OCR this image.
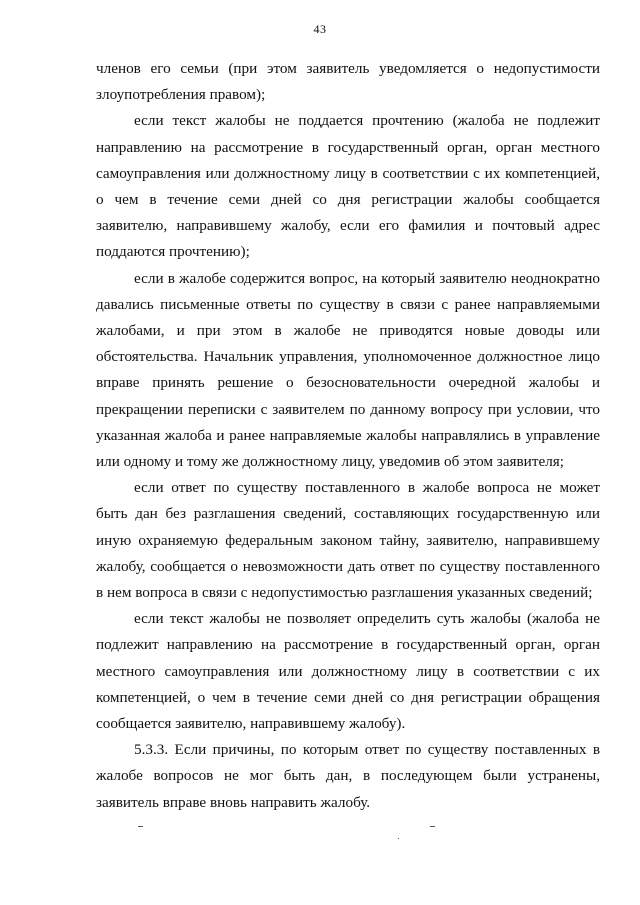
43

членов его семьи (при этом заявитель уведомляется о недопустимости злоупотребления правом);

если текст жалобы не поддается прочтению (жалоба не подлежит направлению на рассмотрение в государственный орган, орган местного самоуправления или должностному лицу в соответствии с их компетенцией, о чем в течение семи дней со дня регистрации жалобы сообщается заявителю, направившему жалобу, если его фамилия и почтовый адрес поддаются прочтению);

если в жалобе содержится вопрос, на который заявителю неоднократно давались письменные ответы по существу в связи с ранее направляемыми жалобами, и при этом в жалобе не приводятся новые доводы или обстоятельства. Начальник управления, уполномоченное должностное лицо вправе принять решение о безосновательности очередной жалобы и прекращении переписки с заявителем по данному вопросу при условии, что указанная жалоба и ранее направляемые жалобы направлялись в управление или одному и тому же должностному лицу, уведомив об этом заявителя;

если ответ по существу поставленного в жалобе вопроса не может быть дан без разглашения сведений, составляющих государственную или иную охраняемую федеральным законом тайну, заявителю, направившему жалобу, сообщается о невозможности дать ответ по существу поставленного в нем вопроса в связи с недопустимостью разглашения указанных сведений;

если текст жалобы не позволяет определить суть жалобы (жалоба не подлежит направлению на рассмотрение в государственный орган, орган местного самоуправления или должностному лицу в соответствии с их компетенцией, о чем в течение семи дней со дня регистрации обращения сообщается заявителю, направившему жалобу).

5.3.3. Если причины, по которым ответ по существу поставленных в жалобе вопросов не мог быть дан, в последующем были устранены, заявитель вправе вновь направить жалобу.
